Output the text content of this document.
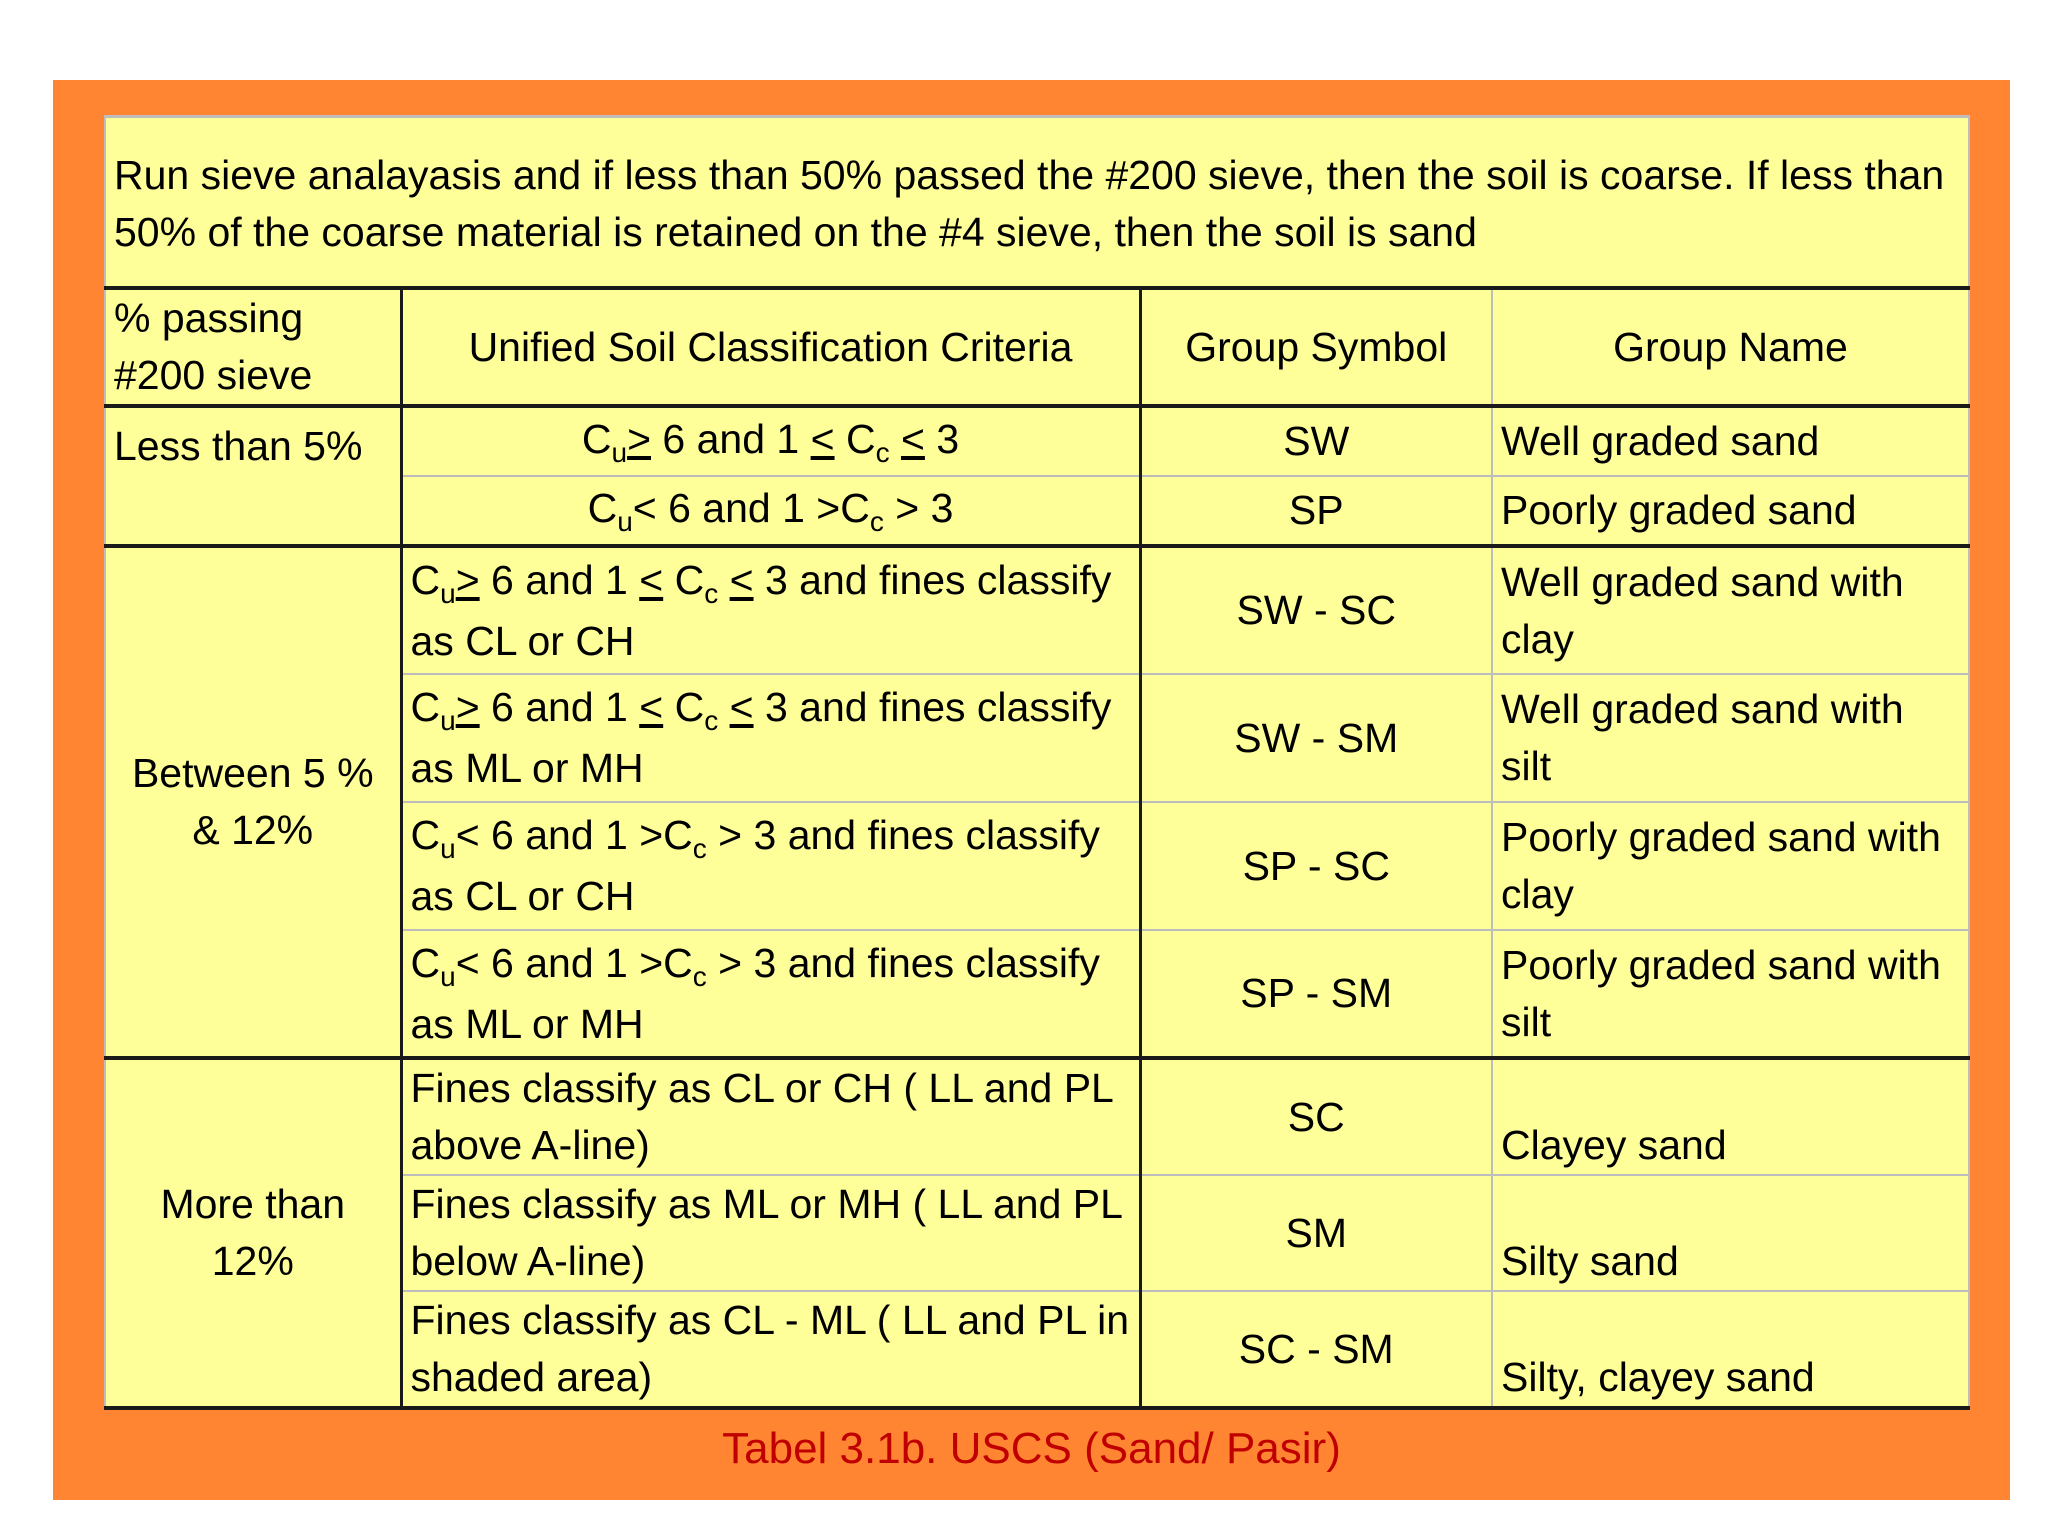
Run sieve analayasis and if less than 50% passed the #200 sieve, then the soil is coarse. If less than 50% of the coarse material is retained on the #4 sieve, then the soil is sand			
% passing #200 sieve	Unified Soil Classification Criteria	Group Symbol	Group Name
Less than 5%	$C_u> 6$ and $1 < C_c < 3$	SW	Well graded sand
	$C_u< 6$ and $1 >C_c > 3$	SP	Poorly graded sand
Between 5 % & 12%	$C_u> 6$ and $1 < C_c < 3$ and fines classify as CL or CH	SW - SC	Well graded sand with clay
	$C_u> 6$ and $1 < C_c < 3$ and fines classify as ML or MH	SW - SM	Well graded sand with silt
	$C_u< 6$ and $1 >C_c > 3$ and fines classify as CL or CH	SP - SC	Poorly graded sand with clay
	$C_u< 6$ and $1 >C_c > 3$ and fines classify as ML or MH	SP - SM	Poorly graded sand with silt
More than 12%	Fines classify as CL or CH ( LL and PL above A-line)	SC	Clayey sand
	Fines classify as ML or MH ( LL and PL below A-line)	SM	Silty sand
	Fines classify as CL - ML ( LL and PL in shaded area)	SC - SM	Silty, clayey sand
Tabel 3.1b. USCS (Sand/ Pasir)
